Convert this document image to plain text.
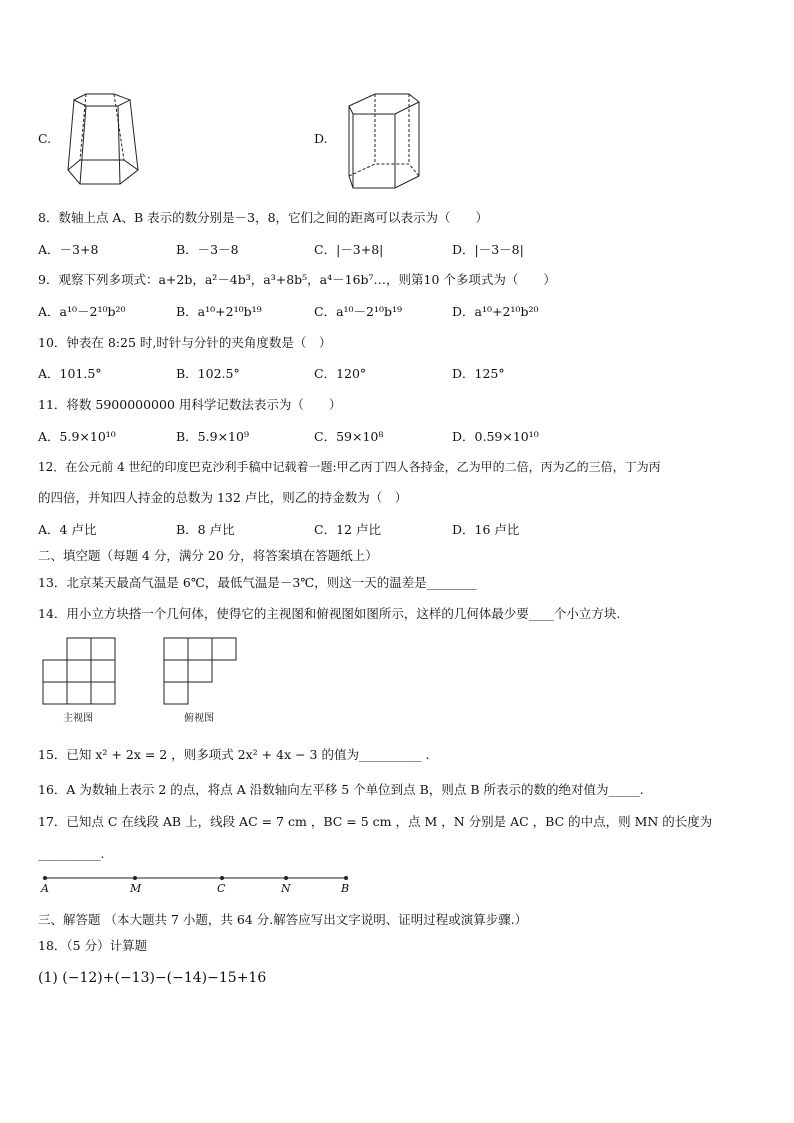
C.	D.
8．数轴上点 A、B 表示的数分别是－3，8，它们之间的距离可以表示为（　　）
A．－3+8	B．－3－8	C．|－3+8|	D．|－3－8|
9．观察下列多项式：a+2b，a²－4b³，a³+8b⁵，a⁴－16b⁷…，则第10 个多项式为（　　）
A．a¹⁰－2¹⁰b²⁰	B．a¹⁰+2¹⁰b¹⁹	C．a¹⁰－2¹⁰b¹⁹	D．a¹⁰+2¹⁰b²⁰
10．钟表在 8:25 时,时针与分针的夹角度数是（　）
A．101.5°	B．102.5°	C．120°	D．125°
11．将数 5900000000 用科学记数法表示为（　　）
A．5.9×10¹⁰	B．5.9×10⁹	C．59×10⁸	D．0.59×10¹⁰
12．在公元前 4 世纪的印度巴克沙利手稿中记载着一题:甲乙丙丁四人各持金，乙为甲的二倍，丙为乙的三倍，丁为丙
的四倍，并知四人持金的总数为 132 卢比，则乙的持金数为（　）
A．4 卢比	B．8 卢比	C．12 卢比	D．16 卢比
二、填空题（每题 4 分，满分 20 分，将答案填在答题纸上）
13．北京某天最高气温是 6℃，最低气温是－3℃，则这一天的温差是________
14．用小立方块搭一个几何体，使得它的主视图和俯视图如图所示，这样的几何体最少要____个小立方块.
主视图	俯视图
15．已知 x² + 2x = 2 ，则多项式 2x² + 4x − 3 的值为__________ .
16．A 为数轴上表示 2 的点，将点 A 沿数轴向左平移 5 个单位到点 B，则点 B 所表示的数的绝对值为_____.
17．已知点 C 在线段 AB 上，线段 AC = 7 cm ，BC = 5 cm ，点 M ，N 分别是 AC ，BC 的中点，则 MN 的长度为
__________.
A	M	C	N	B
三、解答题 （本大题共 7 小题，共 64 分.解答应写出文字说明、证明过程或演算步骤.）
18．（5 分）计算题
(1) (−12)+(−13)−(−14)−15+16
